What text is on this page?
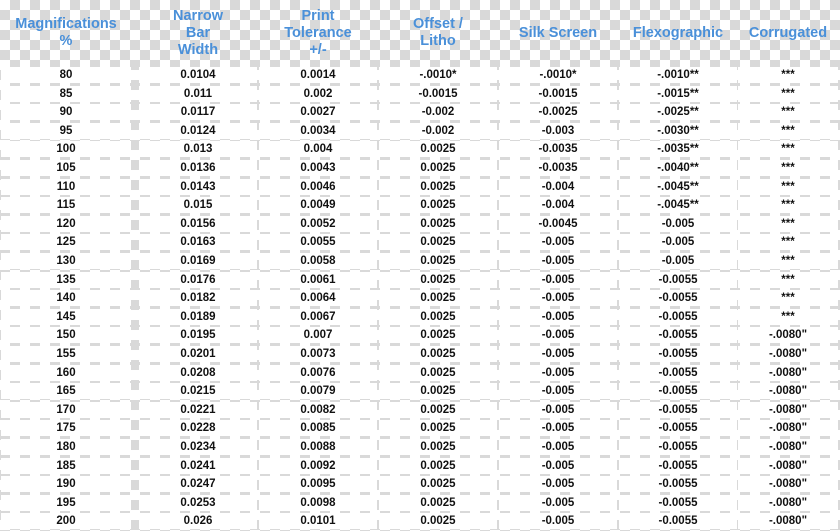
Magnifications
%
Narrow
Bar
Width
Print
Tolerance
+/-
Offset /
Litho
Silk Screen	Flexographic	Corrugated
80	0.0104	0.0014	-.0010*	-.0010*	-.0010**	***
85	0.011	0.002	-0.0015	-0.0015	-.0015**	***
90	0.0117	0.0027	-0.002	-0.0025	-.0025**	***
95	0.0124	0.0034	-0.002	-0.003	-.0030**	***
100	0.013	0.004	0.0025	-0.0035	-.0035**	***
105	0.0136	0.0043	0.0025	-0.0035	-.0040**	***
110	0.0143	0.0046	0.0025	-0.004	-.0045**	***
115	0.015	0.0049	0.0025	-0.004	-.0045**	***
120	0.0156	0.0052	0.0025	-0.0045	-0.005	***
125	0.0163	0.0055	0.0025	-0.005	-0.005	***
130	0.0169	0.0058	0.0025	-0.005	-0.005	***
135	0.0176	0.0061	0.0025	-0.005	-0.0055	***
140	0.0182	0.0064	0.0025	-0.005	-0.0055	***
145	0.0189	0.0067	0.0025	-0.005	-0.0055	***
150	0.0195	0.007	0.0025	-0.005	-0.0055	-.0080"
155	0.0201	0.0073	0.0025	-0.005	-0.0055	-.0080"
160	0.0208	0.0076	0.0025	-0.005	-0.0055	-.0080"
165	0.0215	0.0079	0.0025	-0.005	-0.0055	-.0080"
170	0.0221	0.0082	0.0025	-0.005	-0.0055	-.0080"
175	0.0228	0.0085	0.0025	-0.005	-0.0055	-.0080"
180	0.0234	0.0088	0.0025	-0.005	-0.0055	-.0080"
185	0.0241	0.0092	0.0025	-0.005	-0.0055	-.0080"
190	0.0247	0.0095	0.0025	-0.005	-0.0055	-.0080"
195	0.0253	0.0098	0.0025	-0.005	-0.0055	-.0080"
200	0.026	0.0101	0.0025	-0.005	-0.0055	-.0080"
